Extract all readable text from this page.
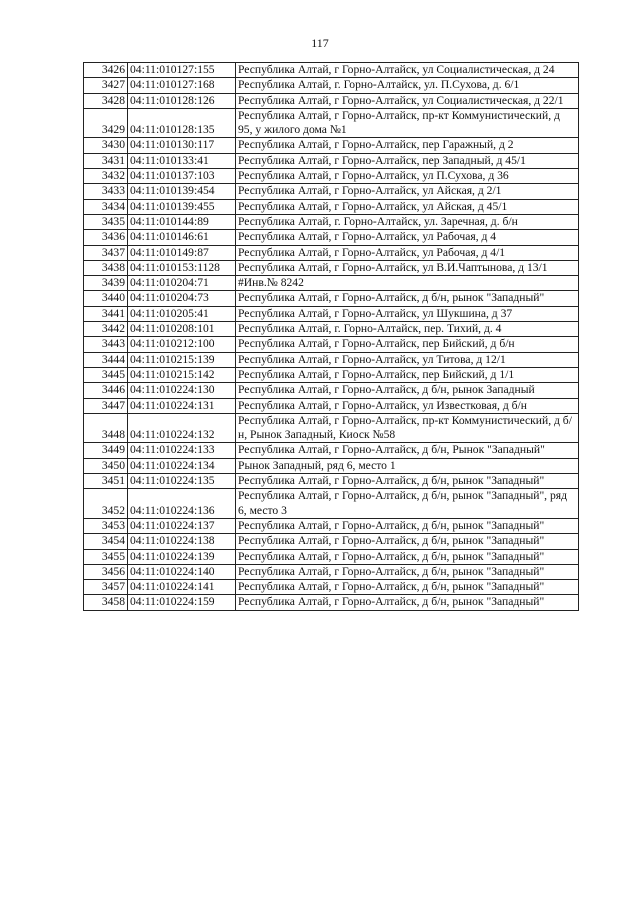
117
3426	04:11:010127:155	Республика Алтай, г Горно-Алтайск, ул Социалистическая, д 24
3427	04:11:010127:168	Республика Алтай, г. Горно-Алтайск, ул. П.Сухова, д. 6/1
3428	04:11:010128:126	Республика Алтай, г Горно-Алтайск, ул Социалистическая, д 22/1
3429	04:11:010128:135	Республика Алтай, г Горно-Алтайск, пр-кт Коммунистический, д 95, у жилого дома №1
3430	04:11:010130:117	Республика Алтай, г Горно-Алтайск, пер Гаражный, д 2
3431	04:11:010133:41	Республика Алтай, г Горно-Алтайск, пер Западный, д 45/1
3432	04:11:010137:103	Республика Алтай, г Горно-Алтайск, ул П.Сухова, д 36
3433	04:11:010139:454	Республика Алтай, г Горно-Алтайск, ул Айская, д 2/1
3434	04:11:010139:455	Республика Алтай, г Горно-Алтайск, ул Айская, д 45/1
3435	04:11:010144:89	Республика Алтай, г. Горно-Алтайск, ул. Заречная, д. б/н
3436	04:11:010146:61	Республика Алтай, г Горно-Алтайск, ул Рабочая, д 4
3437	04:11:010149:87	Республика Алтай, г Горно-Алтайск, ул Рабочая, д 4/1
3438	04:11:010153:1128	Республика Алтай, г Горно-Алтайск, ул В.И.Чаптынова, д 13/1
3439	04:11:010204:71	#Инв.№ 8242
3440	04:11:010204:73	Республика Алтай, г Горно-Алтайск, д б/н, рынок "Западный"
3441	04:11:010205:41	Республика Алтай, г Горно-Алтайск, ул Шукшина, д 37
3442	04:11:010208:101	Республика Алтай, г. Горно-Алтайск, пер. Тихий, д. 4
3443	04:11:010212:100	Республика Алтай, г Горно-Алтайск, пер Бийский, д б/н
3444	04:11:010215:139	Республика Алтай, г Горно-Алтайск, ул Титова, д 12/1
3445	04:11:010215:142	Республика Алтай, г Горно-Алтайск, пер Бийский, д 1/1
3446	04:11:010224:130	Республика Алтай, г Горно-Алтайск, д б/н, рынок Западный
3447	04:11:010224:131	Республика Алтай, г Горно-Алтайск, ул Известковая, д б/н
3448	04:11:010224:132	Республика Алтай, г Горно-Алтайск, пр-кт Коммунистический, д б/н, Рынок Западный, Киоск №58
3449	04:11:010224:133	Республика Алтай, г Горно-Алтайск, д б/н, Рынок "Западный"
3450	04:11:010224:134	Рынок Западный, ряд 6, место 1
3451	04:11:010224:135	Республика Алтай, г Горно-Алтайск, д б/н, рынок "Западный"
3452	04:11:010224:136	Республика Алтай, г Горно-Алтайск, д б/н, рынок "Западный", ряд 6, место 3
3453	04:11:010224:137	Республика Алтай, г Горно-Алтайск, д б/н, рынок "Западный"
3454	04:11:010224:138	Республика Алтай, г Горно-Алтайск, д б/н, рынок "Западный"
3455	04:11:010224:139	Республика Алтай, г Горно-Алтайск, д б/н, рынок "Западный"
3456	04:11:010224:140	Республика Алтай, г Горно-Алтайск, д б/н, рынок "Западный"
3457	04:11:010224:141	Республика Алтай, г Горно-Алтайск, д б/н, рынок "Западный"
3458	04:11:010224:159	Республика Алтай, г Горно-Алтайск, д б/н, рынок "Западный"
